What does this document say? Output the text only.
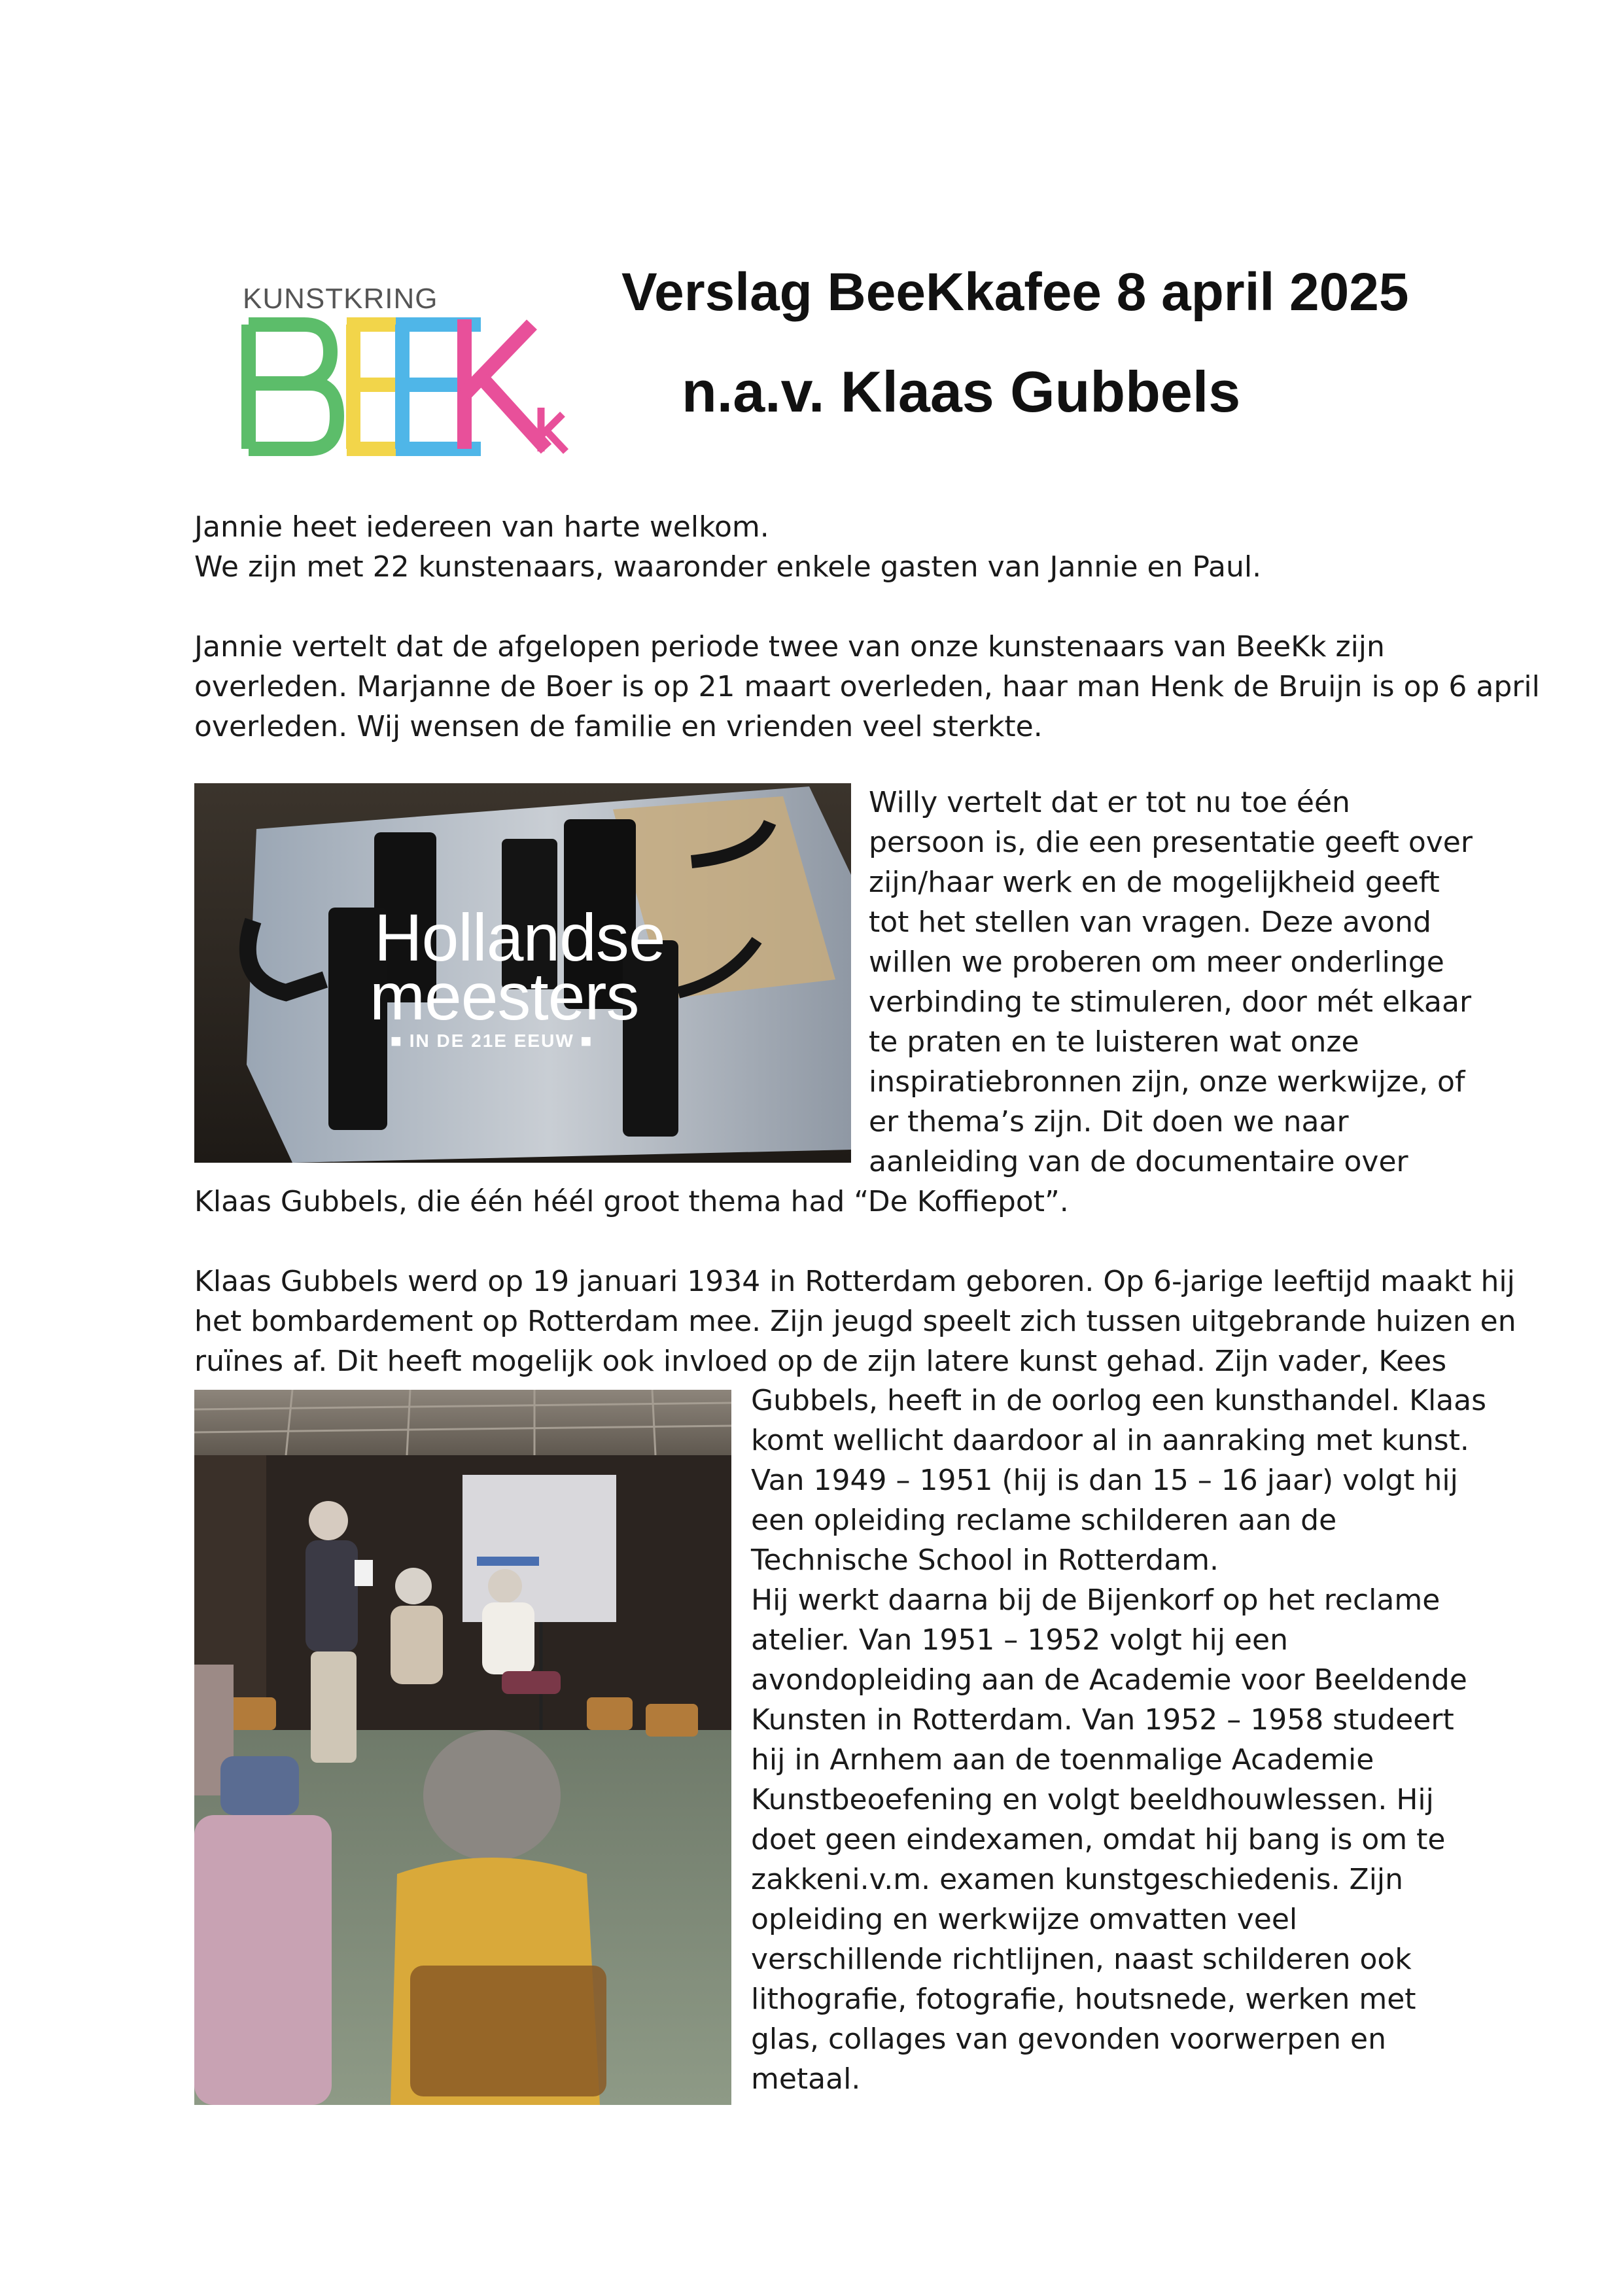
KUNSTKRING	Verslag BeeKkafee 8 april 2025
n.a.v. Klaas Gubbels
Jannie heet iedereen van harte welkom.
We zijn met 22 kunstenaars, waaronder enkele gasten van Jannie en Paul.
Jannie vertelt dat de afgelopen periode twee van onze kunstenaars van BeeKk zijn
overleden. Marjanne de Boer is op 21 maart overleden, haar man Henk de Bruijn is op 6 april
overleden. Wij wensen de familie en vrienden veel sterkte.
Hollandse
meesters
■ IN DE 21E EEUW ■
Willy vertelt dat er tot nu toe één
persoon is, die een presentatie geeft over
zijn/haar werk en de mogelijkheid geeft
tot het stellen van vragen. Deze avond
willen we proberen om meer onderlinge
verbinding te stimuleren, door mét elkaar
te praten en te luisteren wat onze
inspiratiebronnen zijn, onze werkwijze, of
er thema’s zijn. Dit doen we naar
aanleiding van de documentaire over
Klaas Gubbels, die één héél groot thema had “De Koffiepot”.
Klaas Gubbels werd op 19 januari 1934 in Rotterdam geboren. Op 6-jarige leeftijd maakt hij
het bombardement op Rotterdam mee. Zijn jeugd speelt zich tussen uitgebrande huizen en
ruïnes af. Dit heeft mogelijk ook invloed op de zijn latere kunst gehad. Zijn vader, Kees
Gubbels, heeft in de oorlog een kunsthandel. Klaas
komt wellicht daardoor al in aanraking met kunst.
Van 1949 – 1951 (hij is dan 15 – 16 jaar) volgt hij
een opleiding reclame schilderen aan de
Technische School in Rotterdam.
Hij werkt daarna bij de Bijenkorf op het reclame
atelier. Van 1951 – 1952 volgt hij een
avondopleiding aan de Academie voor Beeldende
Kunsten in Rotterdam. Van 1952 – 1958 studeert
hij in Arnhem aan de toenmalige Academie
Kunstbeoefening en volgt beeldhouwlessen. Hij
doet geen eindexamen, omdat hij bang is om te
zakkeni.v.m. examen kunstgeschiedenis. Zijn
opleiding en werkwijze omvatten veel
verschillende richtlijnen, naast schilderen ook
lithografie, fotografie, houtsnede, werken met
glas, collages van gevonden voorwerpen en
metaal.
